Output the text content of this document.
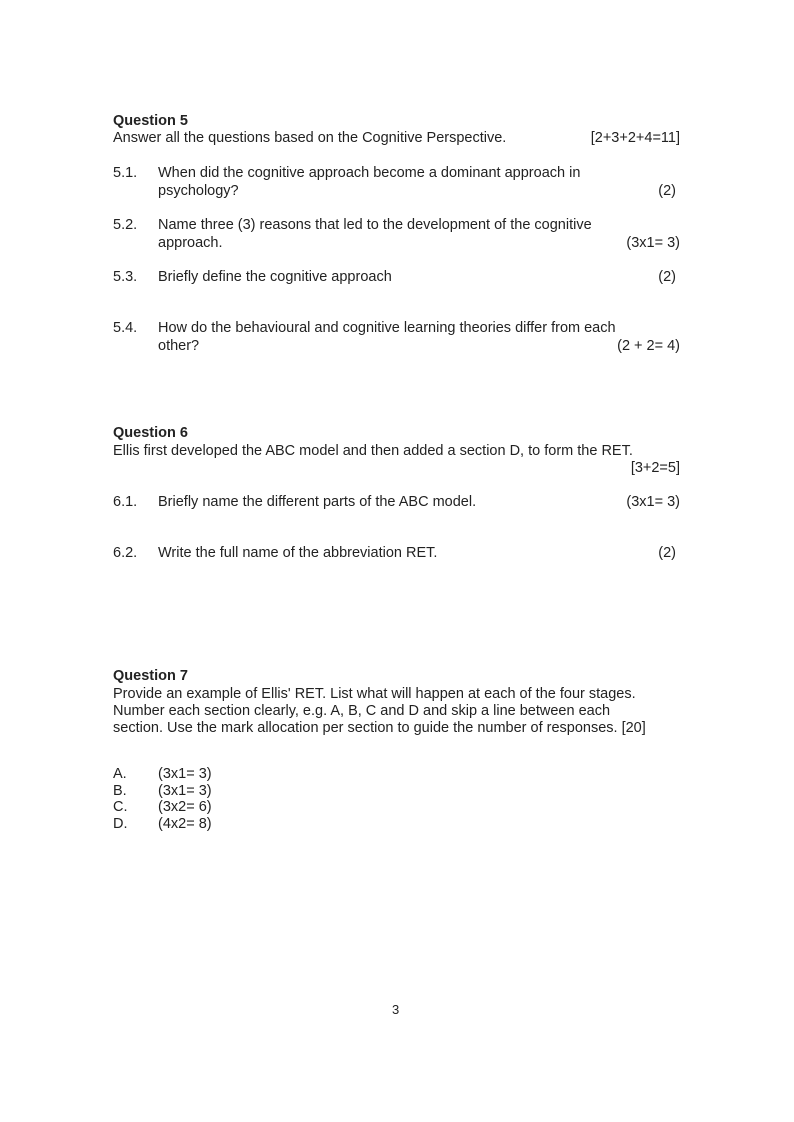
Question 5
Answer all the questions based on the Cognitive Perspective.	[2+3+2+4=11]
5.1. When did the cognitive approach become a dominant approach in
psychology?	(2)
5.2. Name three (3) reasons that led to the development of the cognitive
approach.	(3x1= 3)
5.3. Briefly define the cognitive approach	(2)
5.4. How do the behavioural and cognitive learning theories differ from each
other?	(2 + 2= 4)
Question 6
Ellis first developed the ABC model and then added a section D, to form the RET.
[3+2=5]
6.1. Briefly name the different parts of the ABC model.	(3x1= 3)
6.2. Write the full name of the abbreviation RET.	(2)
Question 7
Provide an example of Ellis' RET. List what will happen at each of the four stages.
Number each section clearly, e.g. A, B, C and D and skip a line between each
section. Use the mark allocation per section to guide the number of responses. [20]
A. (3x1= 3)
B. (3x1= 3)
C. (3x2= 6)
D. (4x2= 8)
3
